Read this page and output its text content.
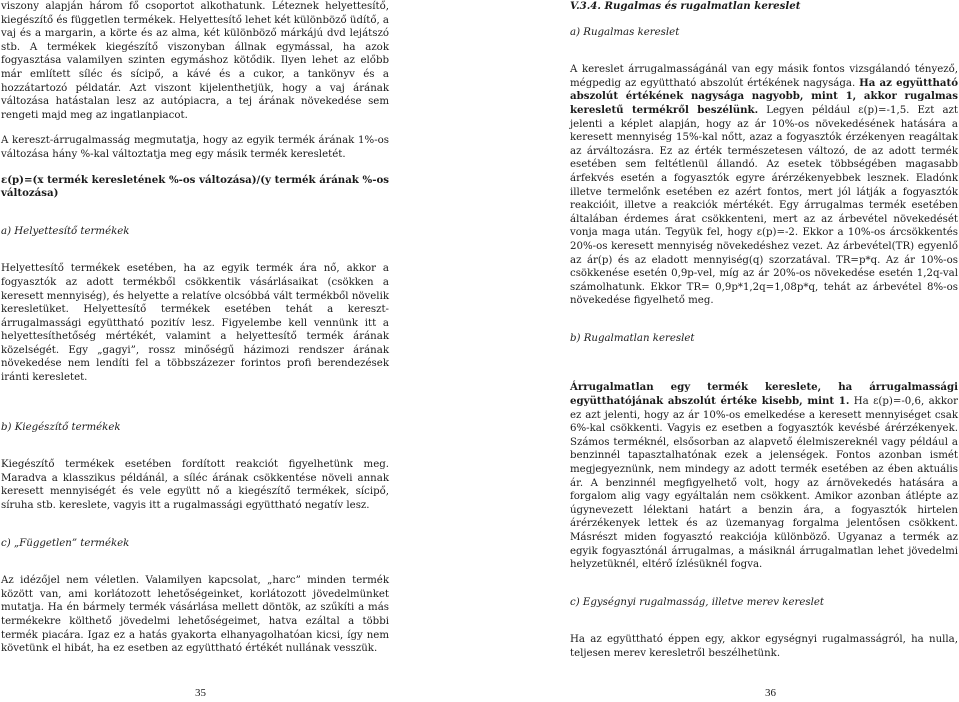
viszony alapján három fő csoportot alkothatunk. Léteznek helyettesítő, kiegészítő és független termékek. Helyettesítő lehet két különböző üdítő, a vaj és a margarin, a körte és az alma, két különböző márkájú dvd lejátszó stb. A termékek kiegészítő viszonyban állnak egymással, ha azok fogyasztása valamilyen szinten egymáshoz kötődik. Ilyen lehet az előbb már említett síléc és sícipő, a kávé és a cukor, a tankönyv és a hozzátartozó példatár. Azt viszont kijelenthetjük, hogy a vaj árának változása hatástalan lesz az autópiacra, a tej árának növekedése sem rengeti majd meg az ingatlanpiacot.

A kereszt-árrugalmasság megmutatja, hogy az egyik termék árának 1%-os változása hány %-kal változtatja meg egy másik termék keresletét.

ε(p)=(x termék keresletének %-os változása)/(y termék árának %-os változása)

a) Helyettesítő termékek

Helyettesítő termékek esetében, ha az egyik termék ára nő, akkor a fogyasztók az adott termékből csökkentik vásárlásaikat (csökken a keresett mennyiség), és helyette a relatíve olcsóbbá vált termékből növelik keresletüket. Helyettesítő termékek esetében tehát a kereszt-árrugalmassági együttható pozitív lesz. Figyelembe kell vennünk itt a helyettesíthetőség mértékét, valamint a helyettesítő termék árának közelségét. Egy „gagyi”, rossz minőségű házimozi rendszer árának növekedése nem lendíti fel a többszázezer forintos profi berendezések iránti keresletet.

b) Kiegészítő termékek

Kiegészítő termékek esetében fordított reakciót figyelhetünk meg. Maradva a klasszikus példánál, a síléc árának csökkentése növeli annak keresett mennyiségét és vele együtt nő a kiegészítő termékek, sícipő, síruha stb. kereslete, vagyis itt a rugalmassági együttható negatív lesz.

c) „Független” termékek

Az idézőjel nem véletlen. Valamilyen kapcsolat, „harc” minden termék között van, ami korlátozott lehetőségeinket, korlátozott jövedelmünket mutatja. Ha én bármely termék vásárlása mellett döntök, az szűkíti a más termékekre költhető jövedelmi lehetőségeimet, hatva ezáltal a többi termék piacára. Igaz ez a hatás gyakorta elhanyagolhatóan kicsi, így nem követünk el hibát, ha ez esetben az együttható értékét nullának vesszük.

V.3.4. Rugalmas és rugalmatlan kereslet

a) Rugalmas kereslet

A kereslet árrugalmasságánál van egy másik fontos vizsgálandó tényező, mégpedig az együttható abszolút értékének nagysága. Ha az együttható abszolút értékének nagysága nagyobb, mint 1, akkor rugalmas keresletű termékről beszélünk. Legyen például ε(p)=-1,5. Ezt azt jelenti a képlet alapján, hogy az ár 10%-os növekedésének hatására a keresett mennyiség 15%-kal nőtt, azaz a fogyasztók érzékenyen reagáltak az árváltozásra. Ez az érték természetesen változó, de az adott termék esetében sem feltétlenül állandó. Az esetek többségében magasabb árfekvés esetén a fogyasztók egyre árérzékenyebbek lesznek. Eladónk illetve termelőnk esetében ez azért fontos, mert jól látják a fogyasztók reakcióit, illetve a reakciók mértékét. Egy árrugalmas termék esetében általában érdemes árat csökkenteni, mert az az árbevétel növekedését vonja maga után. Tegyük fel, hogy ε(p)=-2. Ekkor a 10%-os árcsökkentés 20%-os keresett mennyiség növekedéshez vezet. Az árbevétel(TR) egyenlő az ár(p) és az eladott mennyiség(q) szorzatával. TR=p*q. Az ár 10%-os csökkenése esetén 0,9p-vel, míg az ár 20%-os növekedése esetén 1,2q-val számolhatunk. Ekkor TR= 0,9p*1,2q=1,08p*q, tehát az árbevétel 8%-os növekedése figyelhető meg.

b) Rugalmatlan kereslet

Árrugalmatlan egy termék kereslete, ha árrugalmassági együtthatójának abszolút értéke kisebb, mint 1. Ha ε(p)=-0,6, akkor ez azt jelenti, hogy az ár 10%-os emelkedése a keresett mennyiséget csak 6%-kal csökkenti. Vagyis ez esetben a fogyasztók kevésbé árérzékenyek. Számos terméknél, elsősorban az alapvető élelmiszereknél vagy például a benzinnél tapasztalhatónak ezek a jelenségek. Fontos azonban ismét megjegyeznünk, nem mindegy az adott termék esetében az ében aktuális ár. A benzinnél megfigyelhető volt, hogy az árnövekedés hatására a forgalom alig vagy egyáltalán nem csökkent. Amikor azonban átlépte az úgynevezett lélektani határt a benzin ára, a fogyasztók hirtelen árérzékenyek lettek és az üzemanyag forgalma jelentősen csökkent. Másrészt miden fogyasztó reakciója különböző. Ugyanaz a termék az egyik fogyasztónál árrugalmas, a másiknál árrugalmatlan lehet jövedelmi helyzetüknél, eltérő ízlésüknél fogva.

c) Egységnyi rugalmasság, illetve merev kereslet

Ha az együttható éppen egy, akkor egységnyi rugalmasságról, ha nulla, teljesen merev keresletről beszélhetünk.

35	36
